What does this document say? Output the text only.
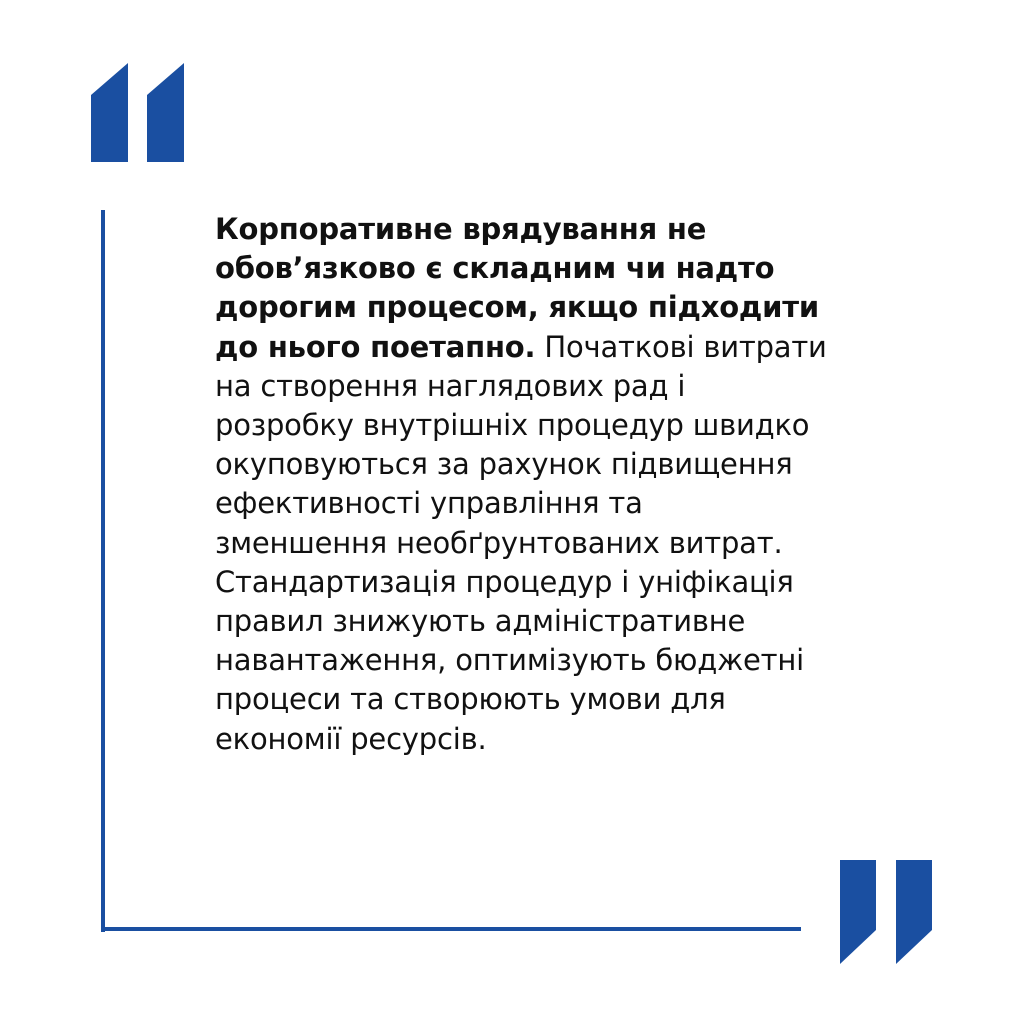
Корпоративне врядування не
обов’язково є складним чи надто
дорогим процесом, якщо підходити
до нього поетапно. Початкові витрати
на створення наглядових рад і
розробку внутрішніх процедур швидко
окуповуються за рахунок підвищення
ефективності управління та
зменшення необґрунтованих витрат.
Стандартизація процедур і уніфікація
правил знижують адміністративне
навантаження, оптимізують бюджетні
процеси та створюють умови для
економії ресурсів.
